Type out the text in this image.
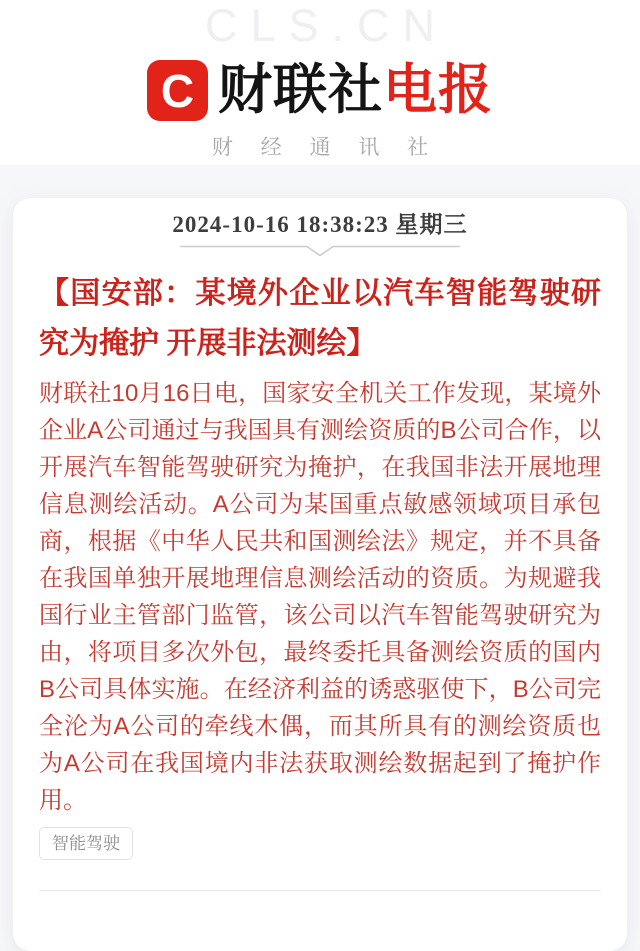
CLS.CN
C 财联社电报
财 经 通 讯 社
2024-10-16 18:38:23 星期三
【国安部：某境外企业以汽车智能驾驶研究为掩护 开展非法测绘】
财联社10月16日电，国家安全机关工作发现，某境外企业A公司通过与我国具有测绘资质的B公司合作，以开展汽车智能驾驶研究为掩护，在我国非法开展地理信息测绘活动。A公司为某国重点敏感领域项目承包商，根据《中华人民共和国测绘法》规定，并不具备在我国单独开展地理信息测绘活动的资质。为规避我国行业主管部门监管，该公司以汽车智能驾驶研究为由，将项目多次外包，最终委托具备测绘资质的国内B公司具体实施。在经济利益的诱惑驱使下，B公司完全沦为A公司的牵线木偶，而其所具有的测绘资质也为A公司在我国境内非法获取测绘数据起到了掩护作用。
智能驾驶
